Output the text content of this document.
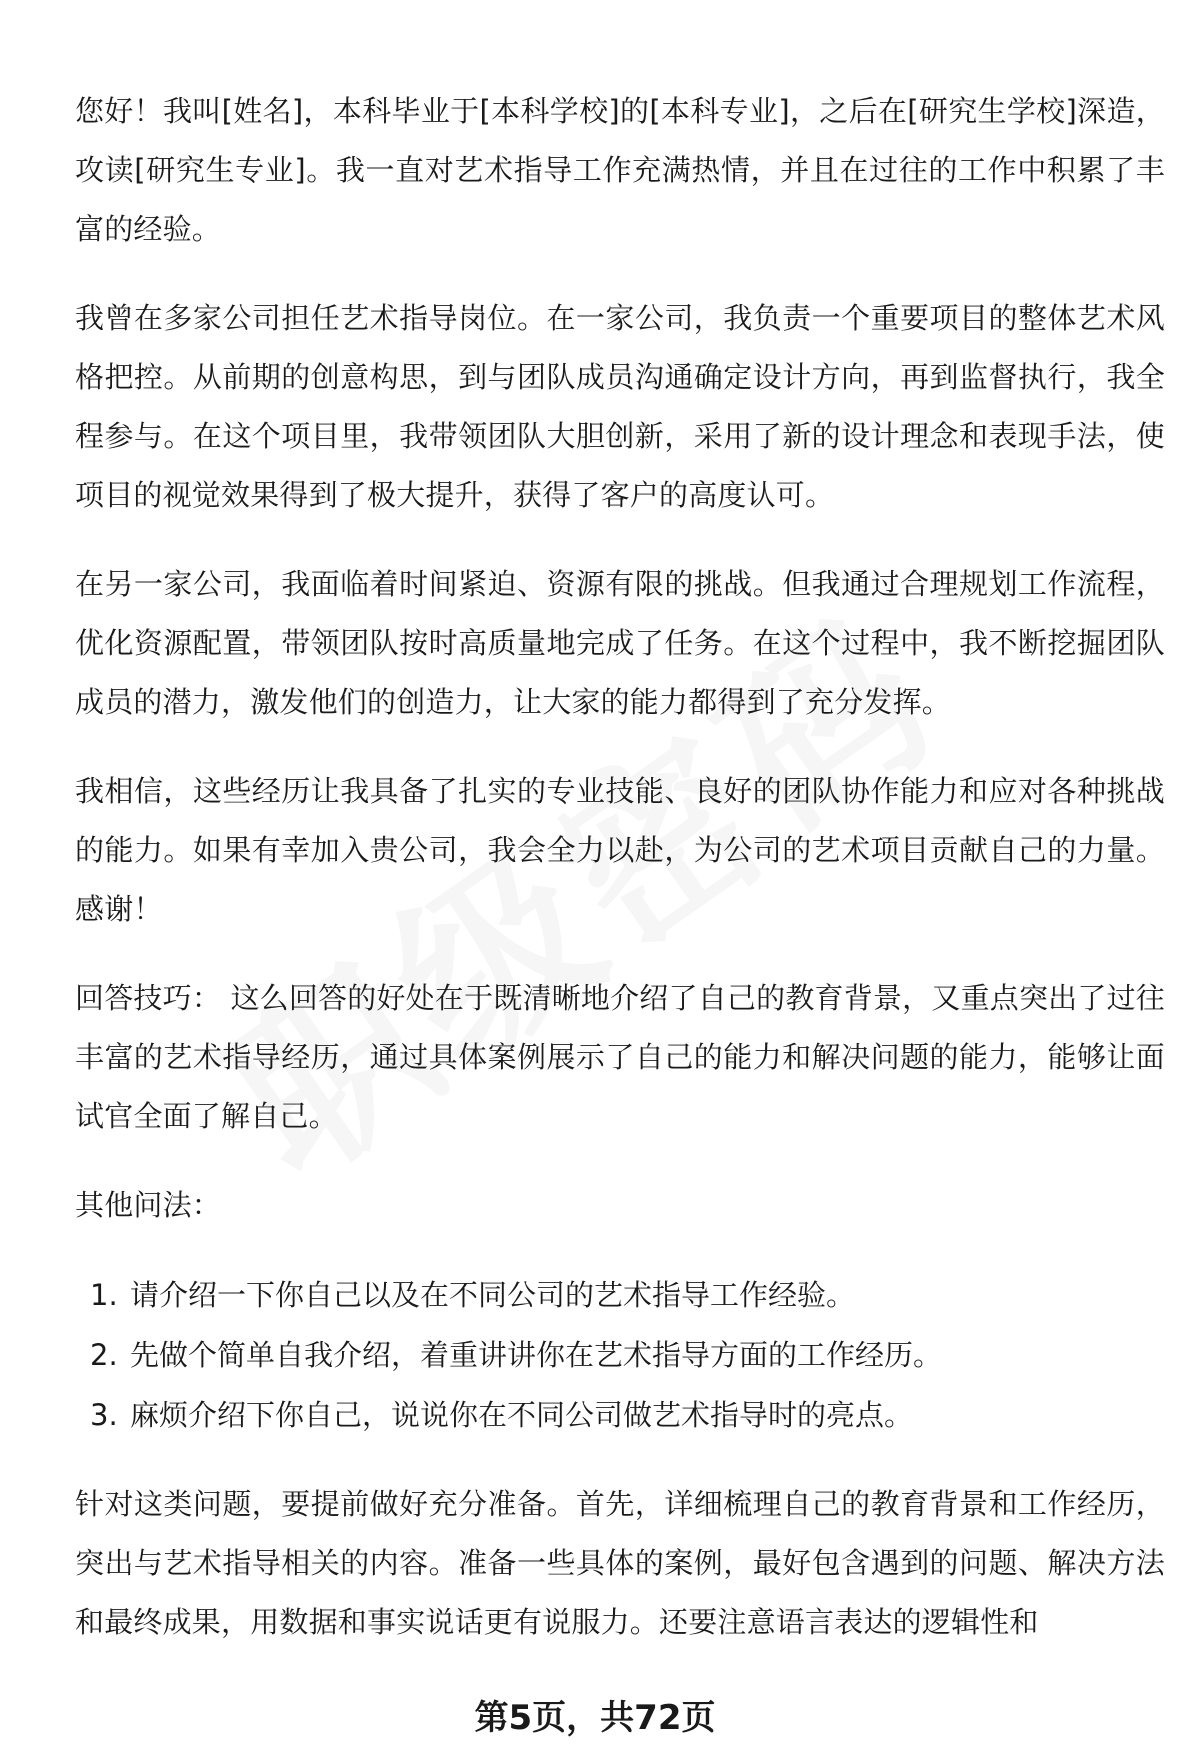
您好！我叫[姓名]，本科毕业于[本科学校]的[本科专业]，之后在[研究生学校]深造，攻读[研究生专业]。我一直对艺术指导工作充满热情，并且在过往的工作中积累了丰富的经验。

我曾在多家公司担任艺术指导岗位。在一家公司，我负责一个重要项目的整体艺术风格把控。从前期的创意构思，到与团队成员沟通确定设计方向，再到监督执行，我全程参与。在这个项目里，我带领团队大胆创新，采用了新的设计理念和表现手法，使项目的视觉效果得到了极大提升，获得了客户的高度认可。

在另一家公司，我面临着时间紧迫、资源有限的挑战。但我通过合理规划工作流程，优化资源配置，带领团队按时高质量地完成了任务。在这个过程中，我不断挖掘团队成员的潜力，激发他们的创造力，让大家的能力都得到了充分发挥。

我相信，这些经历让我具备了扎实的专业技能、良好的团队协作能力和应对各种挑战的能力。如果有幸加入贵公司，我会全力以赴，为公司的艺术项目贡献自己的力量。感谢！

回答技巧： 这么回答的好处在于既清晰地介绍了自己的教育背景，又重点突出了过往丰富的艺术指导经历，通过具体案例展示了自己的能力和解决问题的能力，能够让面试官全面了解自己。

其他问法：

1. 请介绍一下你自己以及在不同公司的艺术指导工作经验。
2. 先做个简单自我介绍，着重讲讲你在艺术指导方面的工作经历。
3. 麻烦介绍下你自己，说说你在不同公司做艺术指导时的亮点。

针对这类问题，要提前做好充分准备。首先，详细梳理自己的教育背景和工作经历，突出与艺术指导相关的内容。准备一些具体的案例，最好包含遇到的问题、解决方法和最终成果，用数据和事实说话更有说服力。还要注意语言表达的逻辑性和

第5页，共72页
